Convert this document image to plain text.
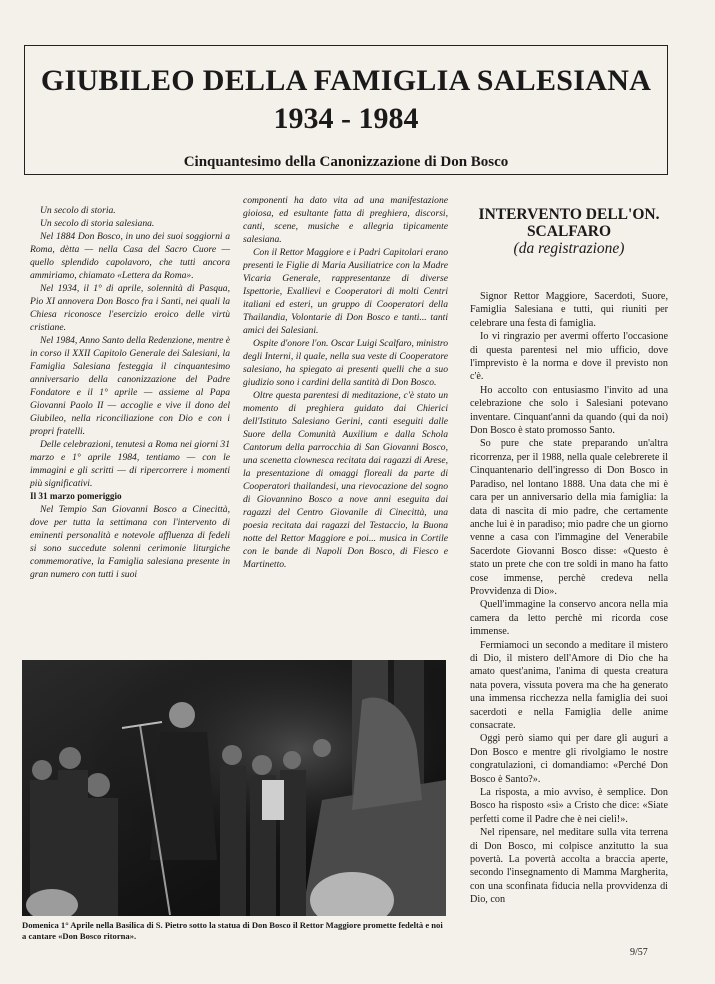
GIUBILEO DELLA FAMIGLIA SALESIANA
1934 - 1984
Cinquantesimo della Canonizzazione di Don Bosco

Un secolo di storia.

Un secolo di storia salesiana.

Nel 1884 Don Bosco, in uno dei suoi soggiorni a Roma, dètta — nella Casa del Sacro Cuore — quello splendido capolavoro, che tutti ancora ammiriamo, chiamato «Lettera da Roma».

Nel 1934, il 1° di aprile, solennità di Pasqua, Pio XI annovera Don Bosco fra i Santi, nei quali la Chiesa riconosce l'esercizio eroico delle virtù cristiane.

Nel 1984, Anno Santo della Redenzione, mentre è in corso il XXII Capitolo Generale dei Salesiani, la Famiglia Salesiana festeggia il cinquantesimo anniversario della canonizzazione del Padre Fondatore e il 1° aprile — assieme al Papa Giovanni Paolo II — accoglie e vive il dono del Giubileo, nella riconciliazione con Dio e con i propri fratelli.

Delle celebrazioni, tenutesi a Roma nei giorni 31 marzo e 1° aprile 1984, tentiamo — con le immagini e gli scritti — di ripercorrere i momenti più significativi.

Il 31 marzo pomeriggio

Nel Tempio San Giovanni Bosco a Cinecittà, dove per tutta la settimana con l'intervento di eminenti personalità e notevole affluenza di fedeli si sono succedute solenni cerimonie liturgiche commemorative, la Famiglia salesiana presente in gran numero con tutti i suoi

componenti ha dato vita ad una manifestazione gioiosa, ed esultante fatta di preghiera, discorsi, canti, scene, musiche e allegria tipicamente salesiana.

Con il Rettor Maggiore e i Padri Capitolari erano presenti le Figlie di Maria Ausiliatrice con la Madre Vicaria Generale, rappresentanze di diverse Ispettorie, Exallievi e Cooperatori di molti Centri italiani ed esteri, un gruppo di Cooperatori della Thailandia, Volontarie di Don Bosco e tanti... tanti amici dei Salesiani.

Ospite d'onore l'on. Oscar Luigi Scalfaro, ministro degli Interni, il quale, nella sua veste di Cooperatore salesiano, ha spiegato ai presenti quelli che a suo giudizio sono i cardini della santità di Don Bosco.

Oltre questa parentesi di meditazione, c'è stato un momento di preghiera guidato dai Chierici dell'Istituto Salesiano Gerini, canti eseguiti dalle Suore della Comunità Auxilium e dalla Schola Cantorum della parrocchia di San Giovanni Bosco, una scenetta clownesca recitata dai ragazzi di Arese, la presentazione di omaggi floreali da parte di Cooperatori thailandesi, una rievocazione del sogno di Giovannino Bosco a nove anni eseguita dai ragazzi del Centro Giovanile di Cinecittà, una poesia recitata dai ragazzi del Testaccio, la Buona notte del Rettor Maggiore e poi... musica in Cortile con le bande di Napoli Don Bosco, di Fiesco e Martinetto.

INTERVENTO DELL'ON. SCALFARO
(da registrazione)

Signor Rettor Maggiore, Sacerdoti, Suore, Famiglia Salesiana e tutti, qui riuniti per celebrare una festa di famiglia.

Io vi ringrazio per avermi offerto l'occasione di questa parentesi nel mio ufficio, dove l'imprevisto è la norma e dove il previsto non c'è.

Ho accolto con entusiasmo l'invito ad una celebrazione che solo i Salesiani potevano inventare. Cinquant'anni da quando (qui da noi) Don Bosco è stato promosso Santo.

So pure che state preparando un'altra ricorrenza, per il 1988, nella quale celebrerete il Cinquantenario dell'ingresso di Don Bosco in Paradiso, nel lontano 1888. Una data che mi è cara per un anniversario della mia famiglia: la data di nascita di mio padre, che certamente anche lui è in paradiso; mio padre che un giorno venne a casa con l'immagine del Venerabile Sacerdote Giovanni Bosco disse: «Questo è stato un prete che con tre soldi in mano ha fatto cose immense, perchè credeva nella Provvidenza di Dio».

Quell'immagine la conservo ancora nella mia camera da letto perchè mi ricorda cose immense.

Fermiamoci un secondo a meditare il mistero di Dio, il mistero dell'Amore di Dio che ha amato quest'anima, l'anima di questa creatura nata povera, vissuta povera ma che ha generato una immensa ricchezza nella famiglia dei suoi sacerdoti e nella Famiglia delle anime consacrate.

Oggi però siamo qui per dare gli auguri a Don Bosco e mentre gli rivolgiamo le nostre congratulazioni, ci domandiamo: «Perché Don Bosco è Santo?».

La risposta, a mio avviso, è semplice. Don Bosco ha risposto «sì» a Cristo che dice: «Siate perfetti come il Padre che è nei cieli!».

Nel ripensare, nel meditare sulla vita terrena di Don Bosco, mi colpisce anzitutto la sua povertà. La povertà accolta a braccia aperte, secondo l'insegnamento di Mamma Margherita, con una sconfinata fiducia nella provvidenza di Dio, con

Domenica 1° Aprile nella Basilica di S. Pietro sotto la statua di Don Bosco il Rettor Maggiore promette fedeltà e noi a cantare «Don Bosco ritorna».
9/57
